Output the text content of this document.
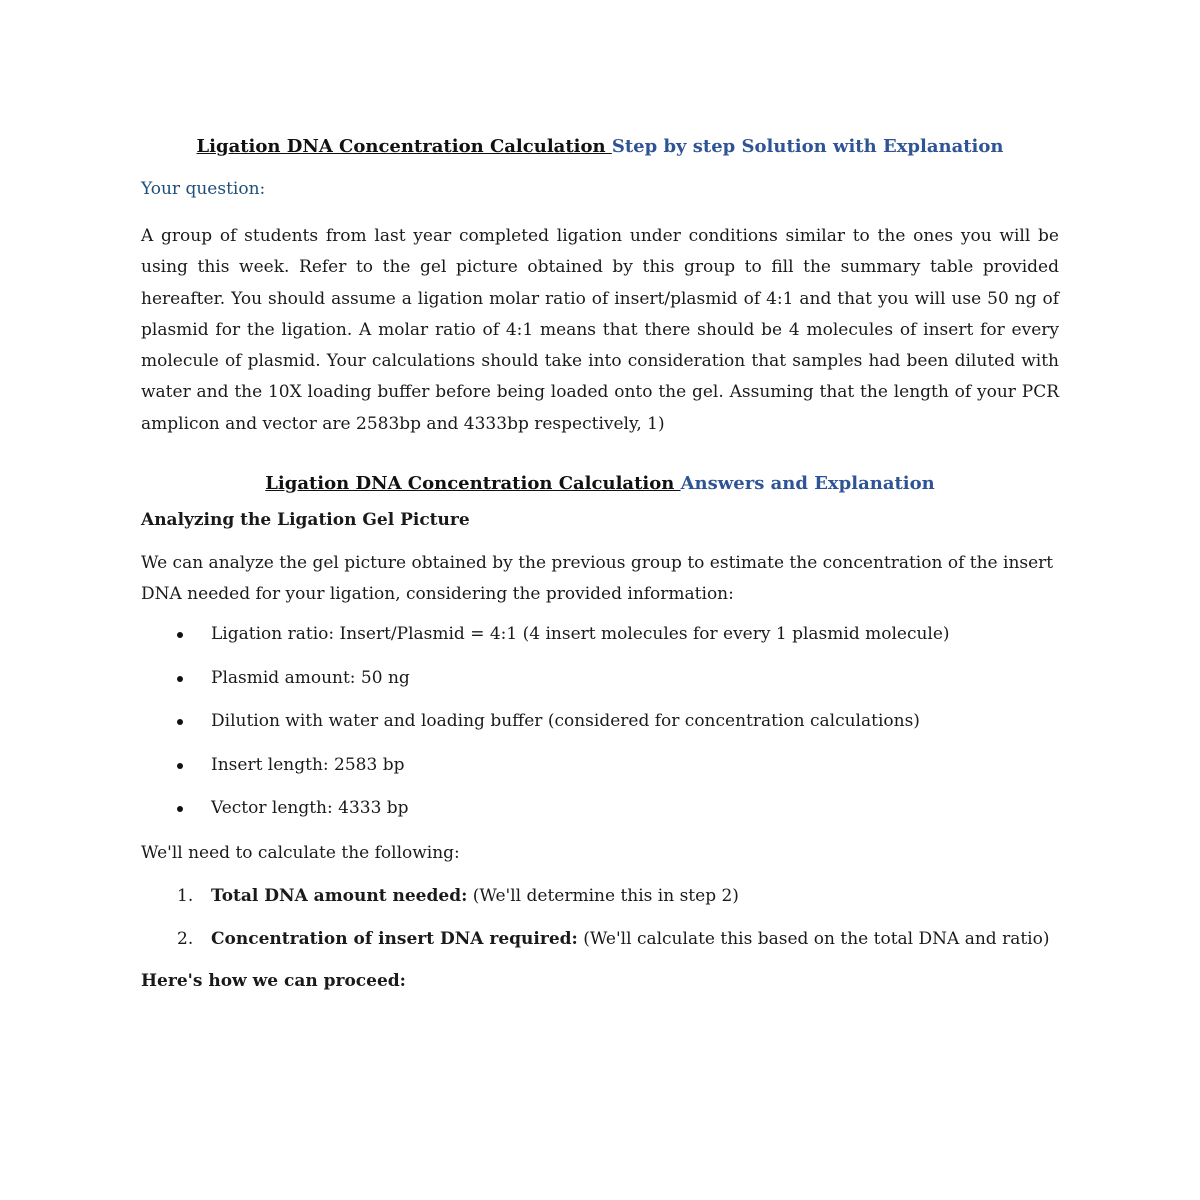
Ligation DNA Concentration Calculation Step by step Solution with Explanation

Your question:

A group of students from last year completed ligation under conditions similar to the ones you will be using this week. Refer to the gel picture obtained by this group to fill the summary table provided hereafter. You should assume a ligation molar ratio of insert/plasmid of 4:1 and that you will use 50 ng of plasmid for the ligation. A molar ratio of 4:1 means that there should be 4 molecules of insert for every molecule of plasmid. Your calculations should take into consideration that samples had been diluted with water and the 10X loading buffer before being loaded onto the gel. Assuming that the length of your PCR amplicon and vector are 2583bp and 4333bp respectively, 1)

Ligation DNA Concentration Calculation Answers and Explanation

Analyzing the Ligation Gel Picture

We can analyze the gel picture obtained by the previous group to estimate the concentration of the insert DNA needed for your ligation, considering the provided information:

Ligation ratio: Insert/Plasmid = 4:1 (4 insert molecules for every 1 plasmid molecule)
Plasmid amount: 50 ng
Dilution with water and loading buffer (considered for concentration calculations)
Insert length: 2583 bp
Vector length: 4333 bp

We'll need to calculate the following:

1. Total DNA amount needed: (We'll determine this in step 2)
2. Concentration of insert DNA required: (We'll calculate this based on the total DNA and ratio)

Here's how we can proceed:
